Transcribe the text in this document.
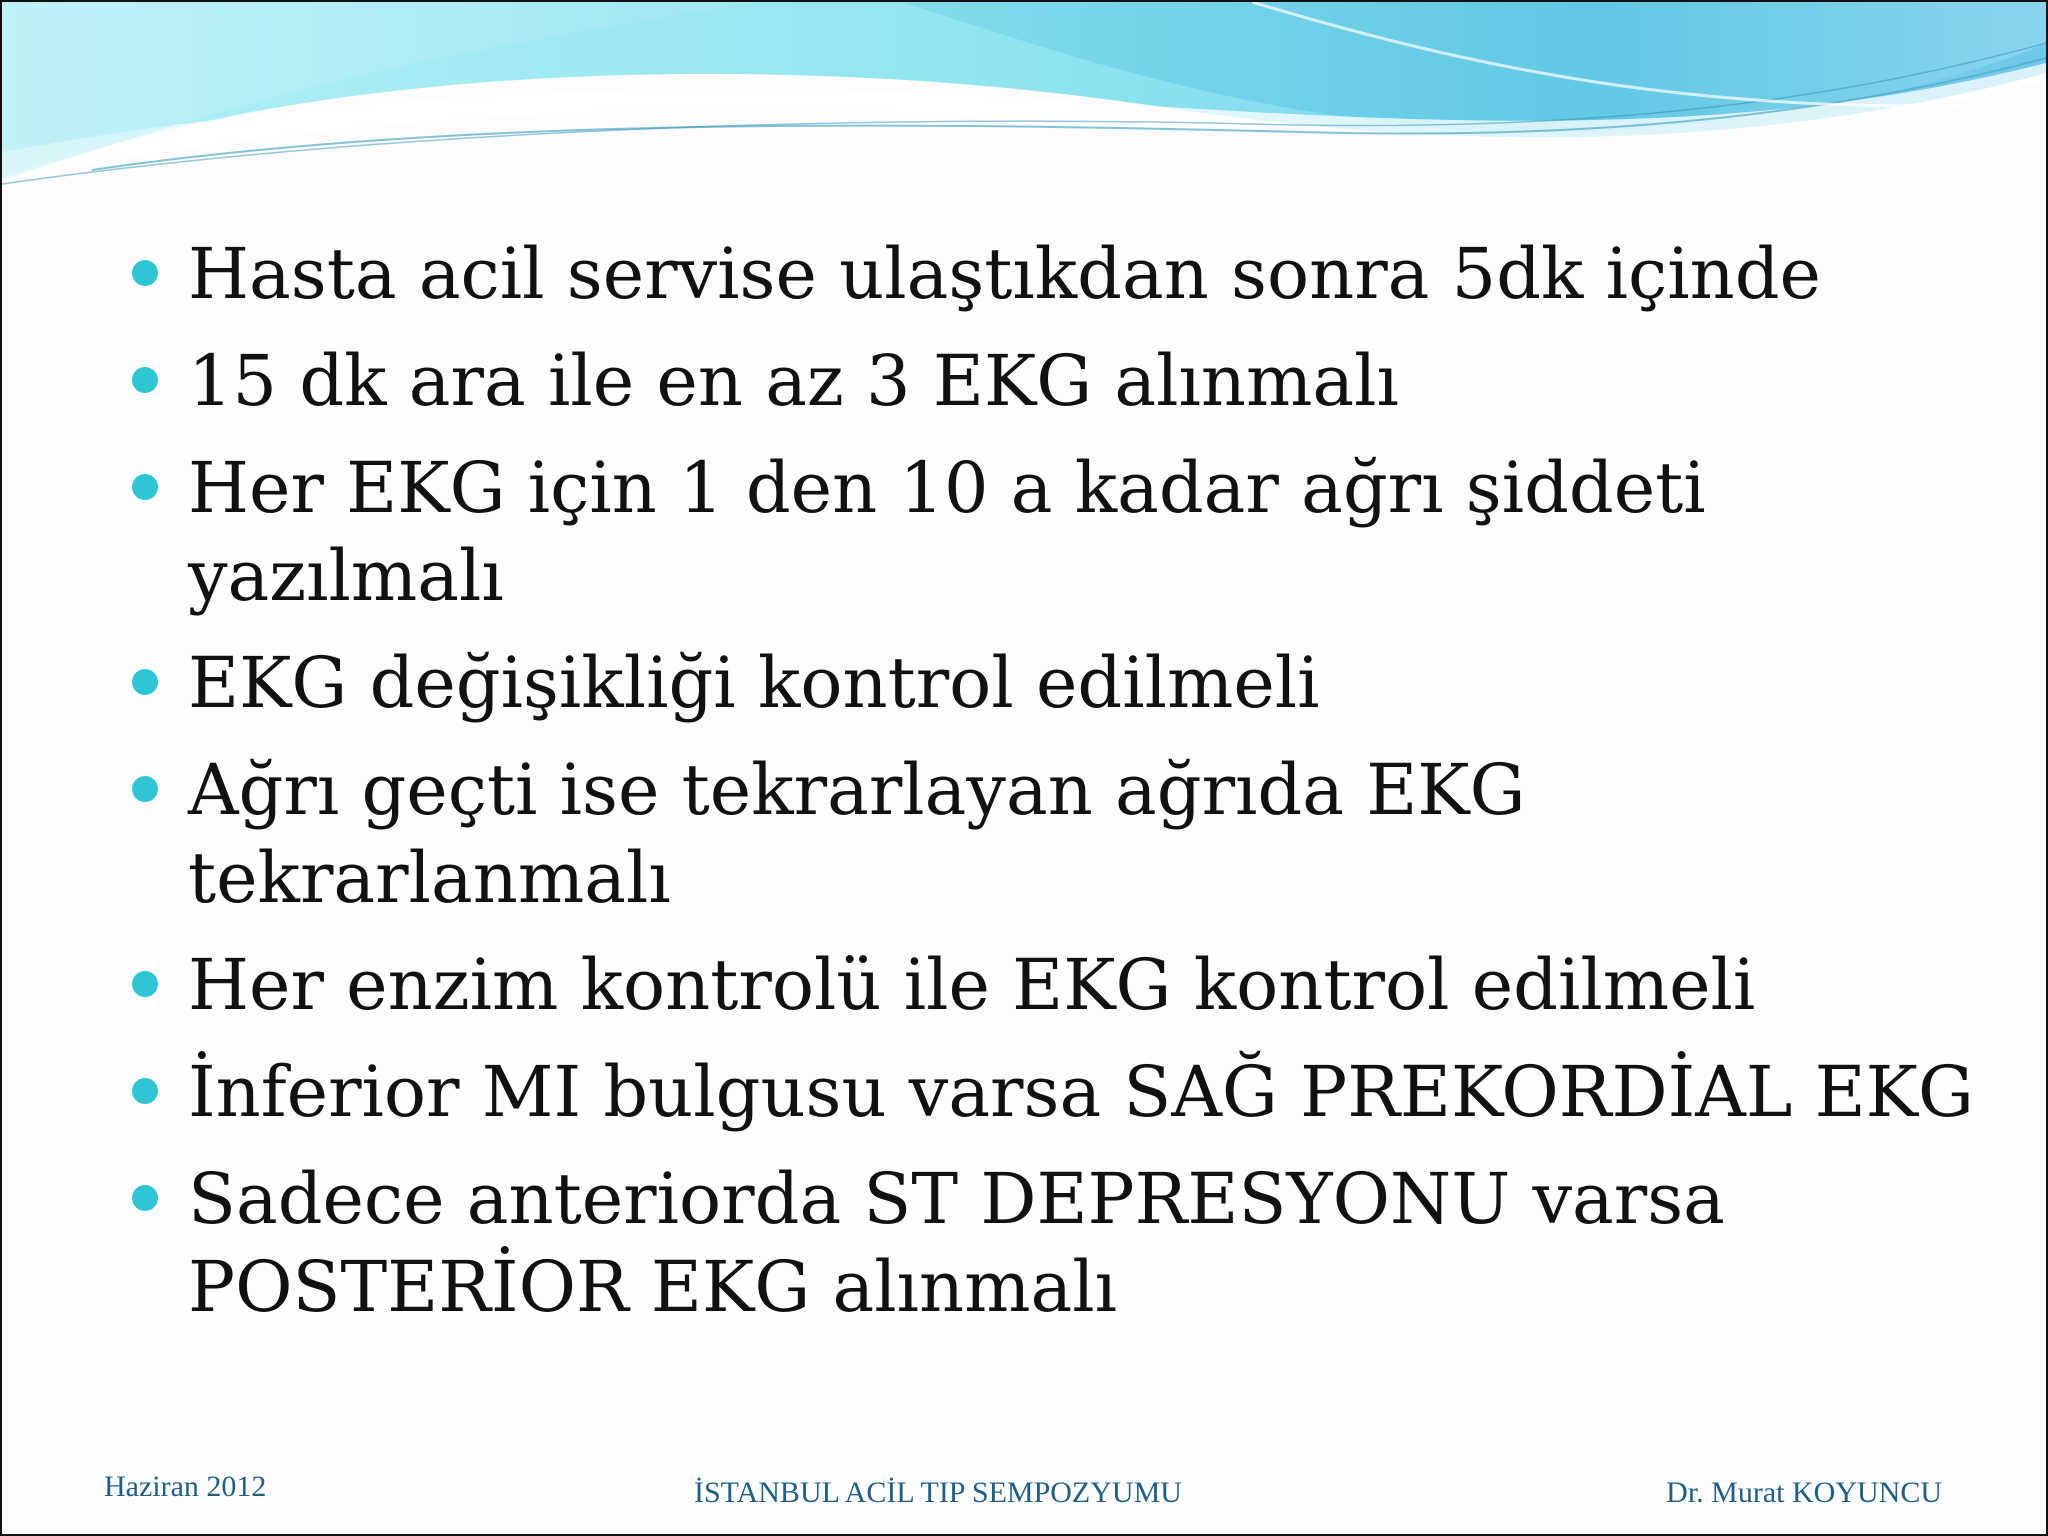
Hasta acil servise ulaştıkdan sonra 5dk içinde
15 dk ara ile en az 3 EKG alınmalı
Her EKG için 1 den 10 a kadar ağrı şiddeti yazılmalı
EKG değişikliği kontrol edilmeli
Ağrı geçti ise tekrarlayan ağrıda EKG tekrarlanmalı
Her enzim kontrolü ile EKG kontrol edilmeli
İnferior MI bulgusu varsa SAĞ PREKORDİAL EKG
Sadece anteriorda ST DEPRESYONU varsa POSTERİOR EKG alınmalı
Haziran 2012	İSTANBUL ACİL TIP SEMPOZYUMU	Dr. Murat KOYUNCU
